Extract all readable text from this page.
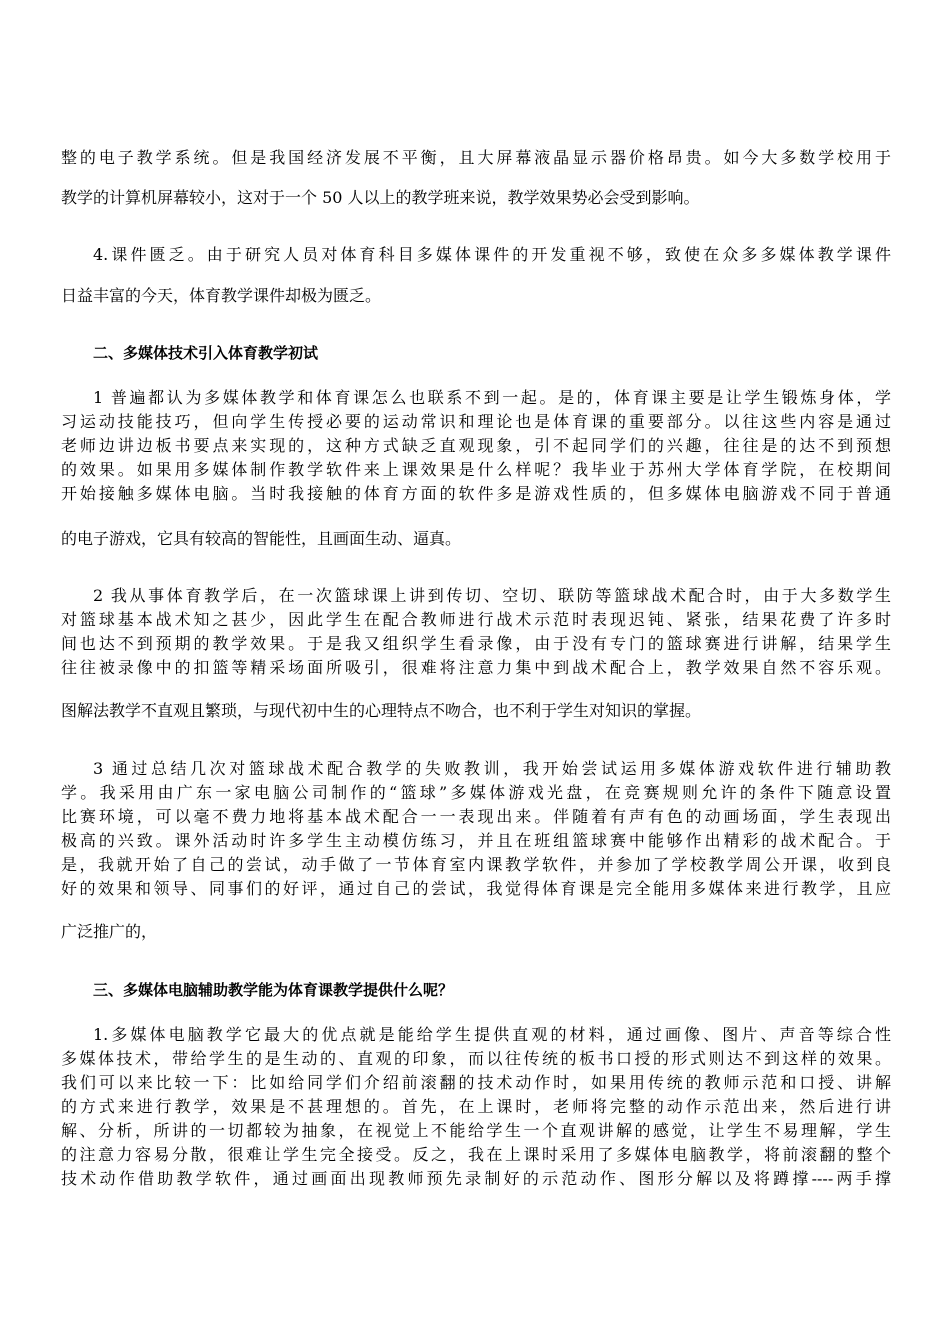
整的电子教学系统。但是我国经济发展不平衡，且大屏幕液晶显示器价格昂贵。如今大多数学校用于
教学的计算机屏幕较小，这对于一个 50 人以上的教学班来说，教学效果势必会受到影响。
4.课件匮乏。由于研究人员对体育科目多媒体课件的开发重视不够，致使在众多多媒体教学课件
日益丰富的今天，体育教学课件却极为匮乏。
二、多媒体技术引入体育教学初试
1 普遍都认为多媒体教学和体育课怎么也联系不到一起。是的，体育课主要是让学生锻炼身体，学
习运动技能技巧，但向学生传授必要的运动常识和理论也是体育课的重要部分。以往这些内容是通过
老师边讲边板书要点来实现的，这种方式缺乏直观现象，引不起同学们的兴趣，往往是的达不到预想
的效果。如果用多媒体制作教学软件来上课效果是什么样呢？我毕业于苏州大学体育学院，在校期间
开始接触多媒体电脑。当时我接触的体育方面的软件多是游戏性质的，但多媒体电脑游戏不同于普通
的电子游戏，它具有较高的智能性，且画面生动、逼真。
2 我从事体育教学后，在一次篮球课上讲到传切、空切、联防等篮球战术配合时，由于大多数学生
对篮球基本战术知之甚少，因此学生在配合教师进行战术示范时表现迟钝、紧张，结果花费了许多时
间也达不到预期的教学效果。于是我又组织学生看录像，由于没有专门的篮球赛进行讲解，结果学生
往往被录像中的扣篮等精采场面所吸引，很难将注意力集中到战术配合上，教学效果自然不容乐观。
图解法教学不直观且繁琐，与现代初中生的心理特点不吻合，也不利于学生对知识的掌握。
3 通过总结几次对篮球战术配合教学的失败教训，我开始尝试运用多媒体游戏软件进行辅助教
学。我采用由广东一家电脑公司制作的“篮球”多媒体游戏光盘，在竞赛规则允许的条件下随意设置
比赛环境，可以毫不费力地将基本战术配合一一表现出来。伴随着有声有色的动画场面，学生表现出
极高的兴致。课外活动时许多学生主动模仿练习，并且在班组篮球赛中能够作出精彩的战术配合。于
是，我就开始了自己的尝试，动手做了一节体育室内课教学软件，并参加了学校教学周公开课，收到良
好的效果和领导、同事们的好评，通过自己的尝试，我觉得体育课是完全能用多媒体来进行教学，且应
广泛推广的，
三、多媒体电脑辅助教学能为体育课教学提供什么呢？
1.多媒体电脑教学它最大的优点就是能给学生提供直观的材料，通过画像、图片、声音等综合性
多媒体技术，带给学生的是生动的、直观的印象，而以往传统的板书口授的形式则达不到这样的效果。
我们可以来比较一下：比如给同学们介绍前滚翻的技术动作时，如果用传统的教师示范和口授、讲解
的方式来进行教学，效果是不甚理想的。首先，在上课时，老师将完整的动作示范出来，然后进行讲
解、分析，所讲的一切都较为抽象，在视觉上不能给学生一个直观讲解的感觉，让学生不易理解，学生
的注意力容易分散，很难让学生完全接受。反之，我在上课时采用了多媒体电脑教学，将前滚翻的整个
技术动作借助教学软件，通过画面出现教师预先录制好的示范动作、图形分解以及将蹲撑----两手撑
